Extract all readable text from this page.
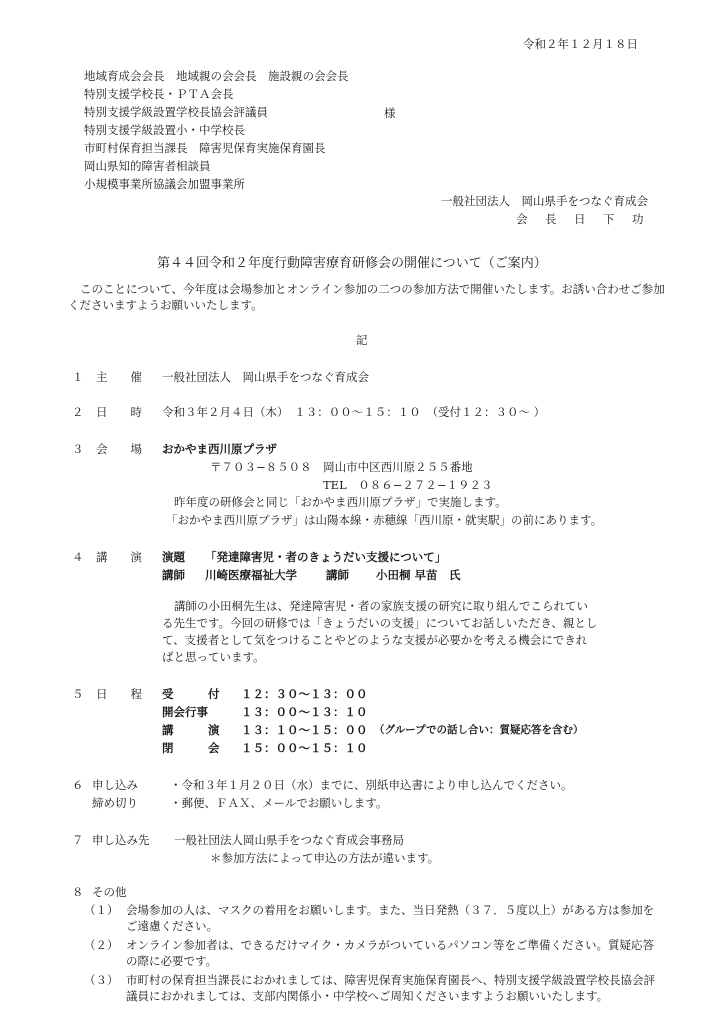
令和２年１２月１８日
地域育成会会長　地域親の会会長　施設親の会会長
特別支援学校長・ＰＴＡ会長
特別支援学級設置学校長協会評議員
特別支援学級設置小・中学校長
市町村保育担当課長　障害児保育実施保育園長
岡山県知的障害者相談員
小規模事業所協議会加盟事業所
様
一般社団法人　岡山県手をつなぐ育成会
会　長　日　下　功
第４４回令和２年度行動障害療育研修会の開催について（ご案内）
このことについて、今年度は会場参加とオンライン参加の二つの参加方法で開催いたします。お誘い合わせご参加くださいますようお願いいたします。
記
１ 主　　催 一般社団法人　岡山県手をつなぐ育成会
２ 日　　時 令和３年２月４日（木）　１３：００〜１５：１０　（受付１２：３０〜 ）
３ 会　　場 おかやま西川原プラザ
〒７０３−８５０８　岡山市中区西川原２５５番地
TEL　０８６−２７２−１９２３
昨年度の研修会と同じ「おかやま西川原プラザ」で実施します。
「おかやま西川原プラザ」は山陽本線・赤穂線「西川原・就実駅」の前にあります。
４ 講　　演 演題 「発達障害児・者のきょうだい支援について」
講師 川崎医療福祉大学	講師 小田桐 早苗　氏
講師の小田桐先生は、発達障害児・者の家族支援の研究に取り組んでこられている先生です。今回の研修では「きょうだいの支援」についてお話しいただき、親として、支援者として気をつけることやどのような支援が必要かを考える機会にできればと思っています。
５ 日　　程 受　　　付 １２：３０〜１３：００
開会行事	１３：００〜１３：１０
講　　　演 １３：１０〜１５：００ （グループでの話し合い：質疑応答を含む）
閉　　　会 １５：００〜１５：１０
６ 申し込み
締め切り
・令和３年１月２０日（水）までに、別紙申込書により申し込んでください。
・郵便、ＦＡＸ、メールでお願いします。
７ 申し込み先 一般社団法人岡山県手をつなぐ育成会事務局
＊参加方法によって申込の方法が違います。
８ その他
（１） 会場参加の人は、マスクの着用をお願いします。また、当日発熱（３７．５度以上）がある方は参加をご遠慮ください。
（２） オンライン参加者は、できるだけマイク・カメラがついているパソコン等をご準備ください。質疑応答の際に必要です。
（３） 市町村の保育担当課長におかれましては、障害児保育実施保育園長へ、特別支援学級設置学校長協会評議員におかれましては、支部内関係小・中学校へご周知くださいますようお願いいたします。
